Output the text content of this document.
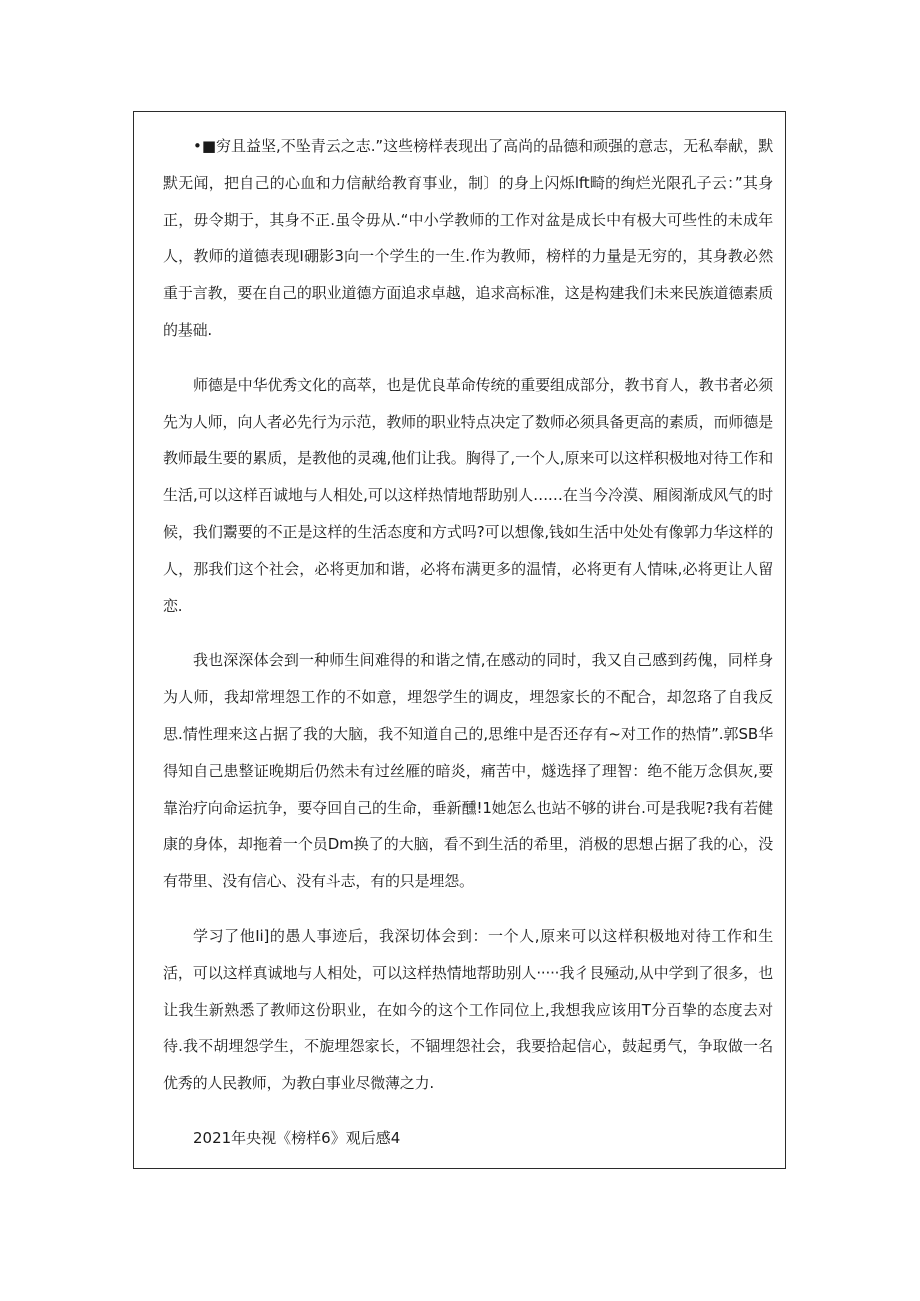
•■穷且益坚,不坠青云之志.”这些榜样表现出了高尚的品德和顽强的意志，无私奉献，默默无闻，把自己的心血和力信献给教育事业，制〕的身上闪烁lft畸的绚烂光限孔子云：”其身正，毋令期于，其身不正.虽令毋从.“中小学教师的工作对盆是成长中有极大可些性的未成年人，教师的道德表现I硼影3向一个学生的一生.作为教师，榜样的力量是无穷的，其身教必然重于言教，要在自己的职业道德方面追求卓越，追求高标准，这是构建我们未来民族道德素质的基础.

师德是中华优秀文化的高萃，也是优良革命传统的重要组成部分，教书育人，教书者必须先为人师，向人者必先行为示范，教师的职业特点决定了数师必须具备更高的素质，而师德是教师最生要的累质，是教他的灵魂,他们让我。胸得了,一个人,原来可以这样积极地对待工作和生活,可以这样百诚地与人相处,可以这样热情地帮助别人……在当今冷漠、厢阂渐成风气的时候，我们鬻要的不正是这样的生活态度和方式吗?可以想像,钱如生活中处处有像郭力华这样的人，那我们这个社会，必将更加和谐，必将布满更多的温情，必将更有人情味,必将更让人留恋.

我也深深体会到一种师生间难得的和谐之情,在感动的同时，我又自己感到药傀，同样身为人师，我却常埋怨工作的不如意，埋怨学生的调皮，埋怨家长的不配合，却忽珞了自我反思.情性理来这占据了我的大脑，我不知道自己的,思维中是否还存有~对工作的热情”.郭SB华得知自己患整证晚期后仍然未有过丝雁的暗炎，痛苦中，燧选择了理智：绝不能万念俱灰,要靠治疗向命运抗争，要夺回自己的生命，垂新醺!1她怎么也站不够的讲台.可是我呢?我有若健康的身体，却拖着一个员Dm换了的大脑，看不到生活的希里，消极的思想占据了我的心，没有带里、没有信心、没有斗志，有的只是埋怨。

学习了他Ii]的愚人事迹后，我深切体会到：一个人,原来可以这样积极地对待工作和生活，可以这样真诚地与人相处，可以这样热情地帮助别人·····我彳艮殛动,从中学到了很多，也让我生新熟悉了教师这份职业，在如今的这个工作同位上,我想我应该用T分百挚的态度去对待.我不胡埋怨学生，不旎埋怨家长，不锢埋怨社会，我要拾起信心，鼓起勇气，争取做一名优秀的人民教师，为教白事业尽微薄之力.

2021年央视《榜样6》观后感4
